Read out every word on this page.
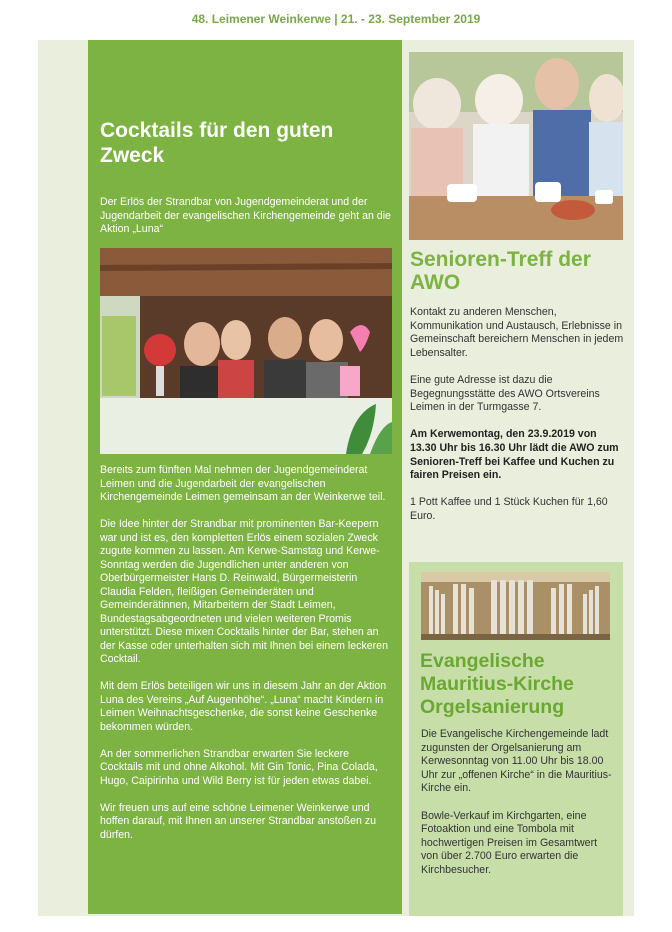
48. Leimener Weinkerwe | 21. - 23. September 2019
Cocktails für den guten Zweck
Der Erlös der Strandbar von Jugendgemeinderat und der Jugendarbeit der evangelischen Kirchengemeinde geht an die Aktion „Luna“

Bereits zum fünften Mal nehmen der Jugendgemeinderat Leimen und die Jugendarbeit der evangelischen Kirchengemeinde Leimen gemeinsam an der Weinkerwe teil.

Die Idee hinter der Strandbar mit prominenten Bar-Keepern war und ist es, den kompletten Erlös einem sozialen Zweck zugute kommen zu lassen. Am Kerwe-Samstag und Kerwe-Sonntag werden die Jugendlichen unter anderen von Oberbürgermeister Hans D. Reinwald, Bürgermeisterin Claudia Felden, fleißigen Gemeinderäten und Gemeinderätinnen, Mitarbeitern der Stadt Leimen, Bundestagsabgeordneten und vielen weiteren Promis unterstützt. Diese mixen Cocktails hinter der Bar, stehen an der Kasse oder unterhalten sich mit Ihnen bei einem leckeren Cocktail.

Mit dem Erlös beteiligen wir uns in diesem Jahr an der Aktion Luna des Vereins „Auf Augenhöhe“. „Luna“ macht Kindern in Leimen Weihnachtsgeschenke, die sonst keine Geschenke bekommen würden.

An der sommerlichen Strandbar erwarten Sie leckere Cocktails mit und ohne Alkohol. Mit Gin Tonic, Pina Colada, Hugo, Caipirinha und Wild Berry ist für jeden etwas dabei.

Wir freuen uns auf eine schöne Leimener Weinkerwe und hoffen darauf, mit Ihnen an unserer Strandbar anstoßen zu dürfen.

Senioren-Treff der AWO

Kontakt zu anderen Menschen, Kommunikation und Austausch, Erlebnisse in Gemeinschaft bereichern Menschen in jedem Lebensalter.

Eine gute Adresse ist dazu die Begegnungsstätte des AWO Ortsvereins Leimen in der Turmgasse 7.

Am Kerwemontag, den 23.9.2019 von 13.30 Uhr bis 16.30 Uhr lädt die AWO zum Senioren-Treff bei Kaffee und Kuchen zu fairen Preisen ein.

1 Pott Kaffee und 1 Stück Kuchen für 1,60 Euro.

Evangelische Mauritius-Kirche Orgelsanierung

Die Evangelische Kirchengemeinde ladt zugunsten der Orgelsanierung am Kerwesonntag von 11.00 Uhr bis 18.00 Uhr zur „offenen Kirche“ in die Mauritius-Kirche ein.

Bowle-Verkauf im Kirchgarten, eine Fotoaktion und eine Tombola mit hochwertigen Preisen im Gesamtwert von über 2.700 Euro erwarten die Kirchbesucher.
